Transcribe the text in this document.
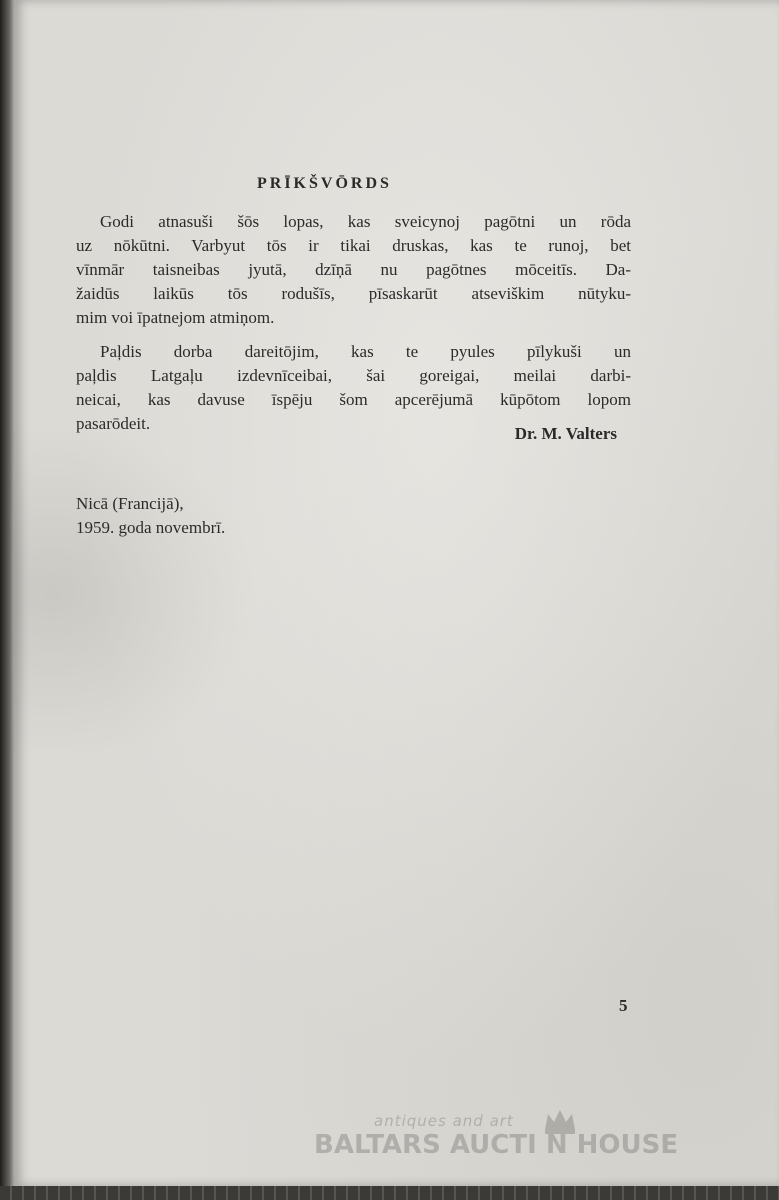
PRĪKŠVŌRDS

Godi atnasuši šōs lopas, kas sveicynoj pagōtni un rōda

uz nōkūtni. Varbyut tōs ir tikai druskas, kas te runoj, bet

vīnmār taisneibas jyutā, dzīņā nu pagōtnes mōceitīs. Da-

žaidūs laikūs tōs rodušīs, pīsaskarūt atseviškim nūtyku-

mim voi īpatnejom atmiņom.

Paļdis dorba dareitōjim, kas te pyules pīlykuši un

paļdis Latgaļu izdevnīceibai, šai goreigai, meilai darbi-

neicai, kas davuse īspēju šom apcerējumā kūpōtom lopom

pasarōdeit.

Dr. M. Valters
Nicā (Francijā),
1959. goda novembrī.
5
antiques and art
BALTARS AUCTI N HOUSE
